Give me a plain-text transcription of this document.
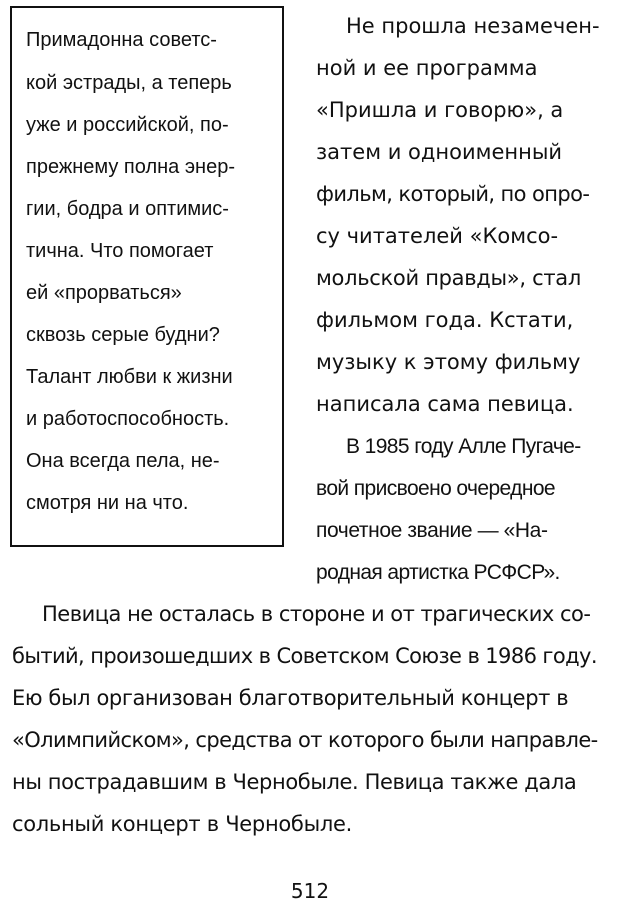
Примадонна советс-
кой эстрады, а теперь
уже и российской, по-
прежнему полна энер-
гии, бодра и оптимис-
тична. Что помогает
ей «прорваться»
сквозь серые будни?
Талант любви к жизни
и работоспособность.
Она всегда пела, не-
смотря ни на что.
Не прошла незамечен-
ной и ее программа
«Пришла и говорю», а
затем и одноименный
фильм, который, по опро-
су читателей «Комсо-
мольской правды», стал
фильмом года. Кстати,
музыку к этому фильму
написала сама певица.
В 1985 году Алле Пугаче-
вой присвоено очередное
почетное звание — «На-
родная артистка РСФСР».
Певица не осталась в стороне и от трагических со-
бытий, произошедших в Советском Союзе в 1986 году.
Ею был организован благотворительный концерт в
«Олимпийском», средства от которого были направле-
ны пострадавшим в Чернобыле. Певица также дала
сольный концерт в Чернобыле.
512
